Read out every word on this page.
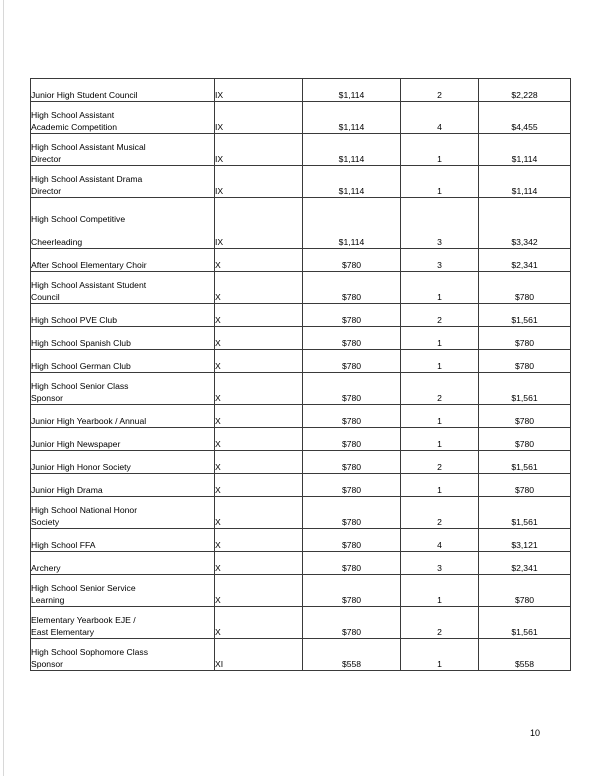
Junior High Student Council	IX	$1,114	2	$2,228

High School Assistant
Academic Competition	IX	$1,114	4	$4,455

High School Assistant Musical
Director	IX	$1,114	1	$1,114

High School Assistant Drama
Director	IX	$1,114	1	$1,114

High School Competitive
Cheerleading	IX	$1,114	3	$3,342

After School Elementary Choir	X	$780	3	$2,341

High School Assistant Student
Council	X	$780	1	$780

High School PVE Club	X	$780	2	$1,561

High School Spanish Club	X	$780	1	$780

High School German Club	X	$780	1	$780

High School Senior Class
Sponsor	X	$780	2	$1,561

Junior High Yearbook / Annual	X	$780	1	$780

Junior High Newspaper	X	$780	1	$780

Junior High Honor Society	X	$780	2	$1,561

Junior High Drama	X	$780	1	$780

High School National Honor
Society	X	$780	2	$1,561

High School FFA	X	$780	4	$3,121

Archery	X	$780	3	$2,341

High School Senior Service
Learning	X	$780	1	$780

Elementary Yearbook EJE /
East Elementary	X	$780	2	$1,561

High School Sophomore Class
Sponsor	XI	$558	1	$558
10
